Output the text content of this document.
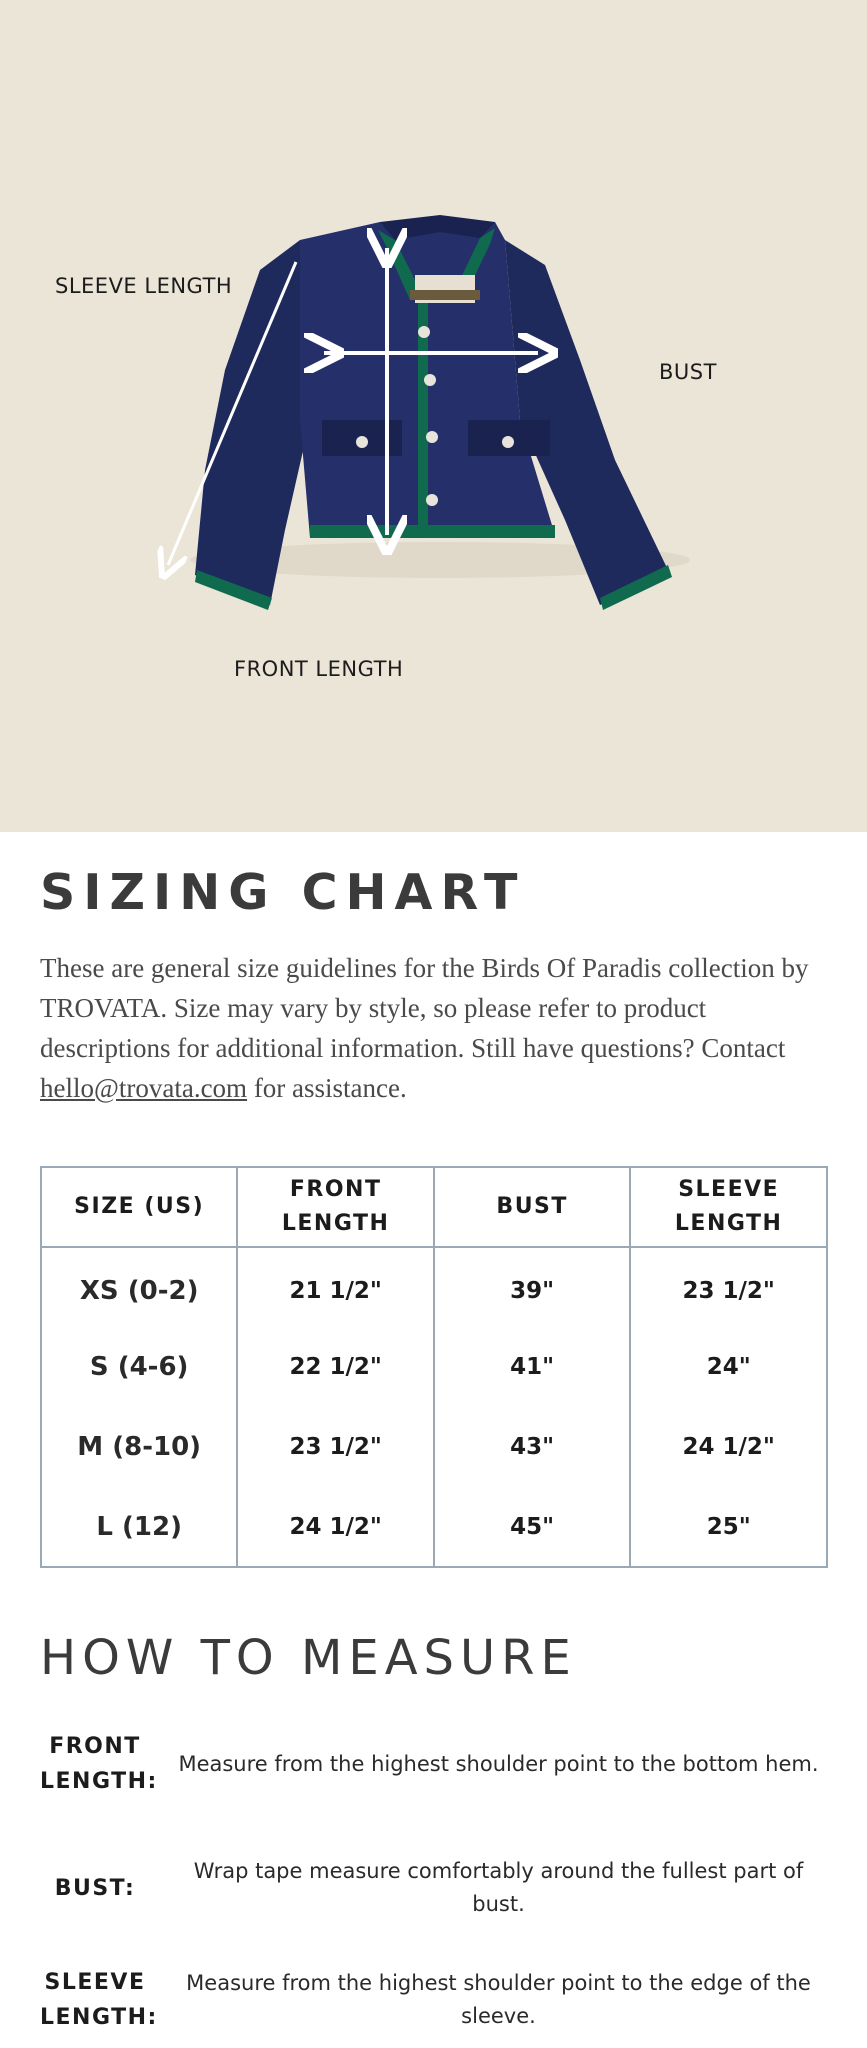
SLEEVE LENGTH
BUST
FRONT LENGTH
SIZING CHART

These are general size guidelines for the Birds Of Paradis collection by TROVATA. Size may vary by style, so please refer to product descriptions for additional information. Still have questions? Contact hello@trovata.com for assistance.

SIZE (US)	FRONT LENGTH	BUST	SLEEVE LENGTH
XS (0-2)	21 1/2"	39"	23 1/2"
S (4-6)	22 1/2"	41"	24"
M (8-10)	23 1/2"	43"	24 1/2"
L (12)	24 1/2"	45"	25"
HOW TO MEASURE
FRONT
LENGTH:
Measure from the highest shoulder point to the bottom hem.
BUST:
Wrap tape measure comfortably around the fullest part of bust.
SLEEVE
LENGTH:
Measure from the highest shoulder point to the edge of the sleeve.
